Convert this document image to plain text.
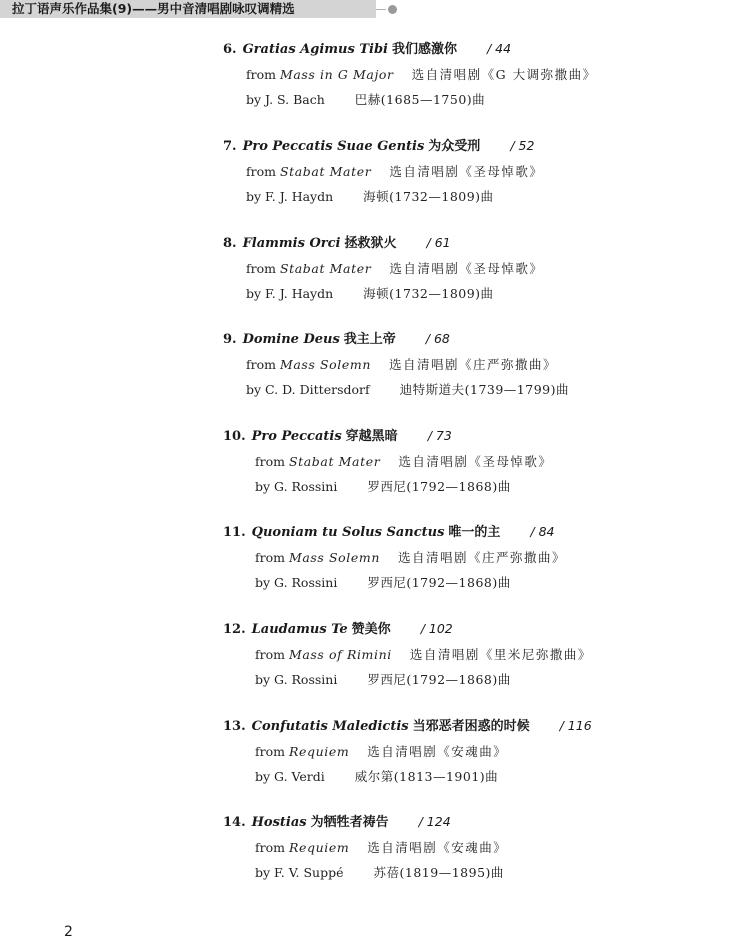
拉丁语声乐作品集(9)——男中音清唱剧咏叹调精选
6. Gratias Agimus Tibi 我们感激你 / 44
from Mass in G Major 选自清唱剧《G 大调弥撒曲》
by J. S. Bach 巴赫(1685—1750)曲
7. Pro Peccatis Suae Gentis 为众受刑 / 52
from Stabat Mater 选自清唱剧《圣母悼歌》
by F. J. Haydn 海顿(1732—1809)曲
8. Flammis Orci 拯救狱火 / 61
from Stabat Mater 选自清唱剧《圣母悼歌》
by F. J. Haydn 海顿(1732—1809)曲
9. Domine Deus 我主上帝 / 68
from Mass Solemn 选自清唱剧《庄严弥撒曲》
by C. D. Dittersdorf 迪特斯道夫(1739—1799)曲
10. Pro Peccatis 穿越黑暗 / 73
from Stabat Mater 选自清唱剧《圣母悼歌》
by G. Rossini 罗西尼(1792—1868)曲
11. Quoniam tu Solus Sanctus 唯一的主 / 84
from Mass Solemn 选自清唱剧《庄严弥撒曲》
by G. Rossini 罗西尼(1792—1868)曲
12. Laudamus Te 赞美你 / 102
from Mass of Rimini 选自清唱剧《里米尼弥撒曲》
by G. Rossini 罗西尼(1792—1868)曲
13. Confutatis Maledictis 当邪恶者困惑的时候 / 116
from Requiem 选自清唱剧《安魂曲》
by G. Verdi 威尔第(1813—1901)曲
14. Hostias 为牺牲者祷告 / 124
from Requiem 选自清唱剧《安魂曲》
by F. V. Suppé 苏蓓(1819—1895)曲
2
